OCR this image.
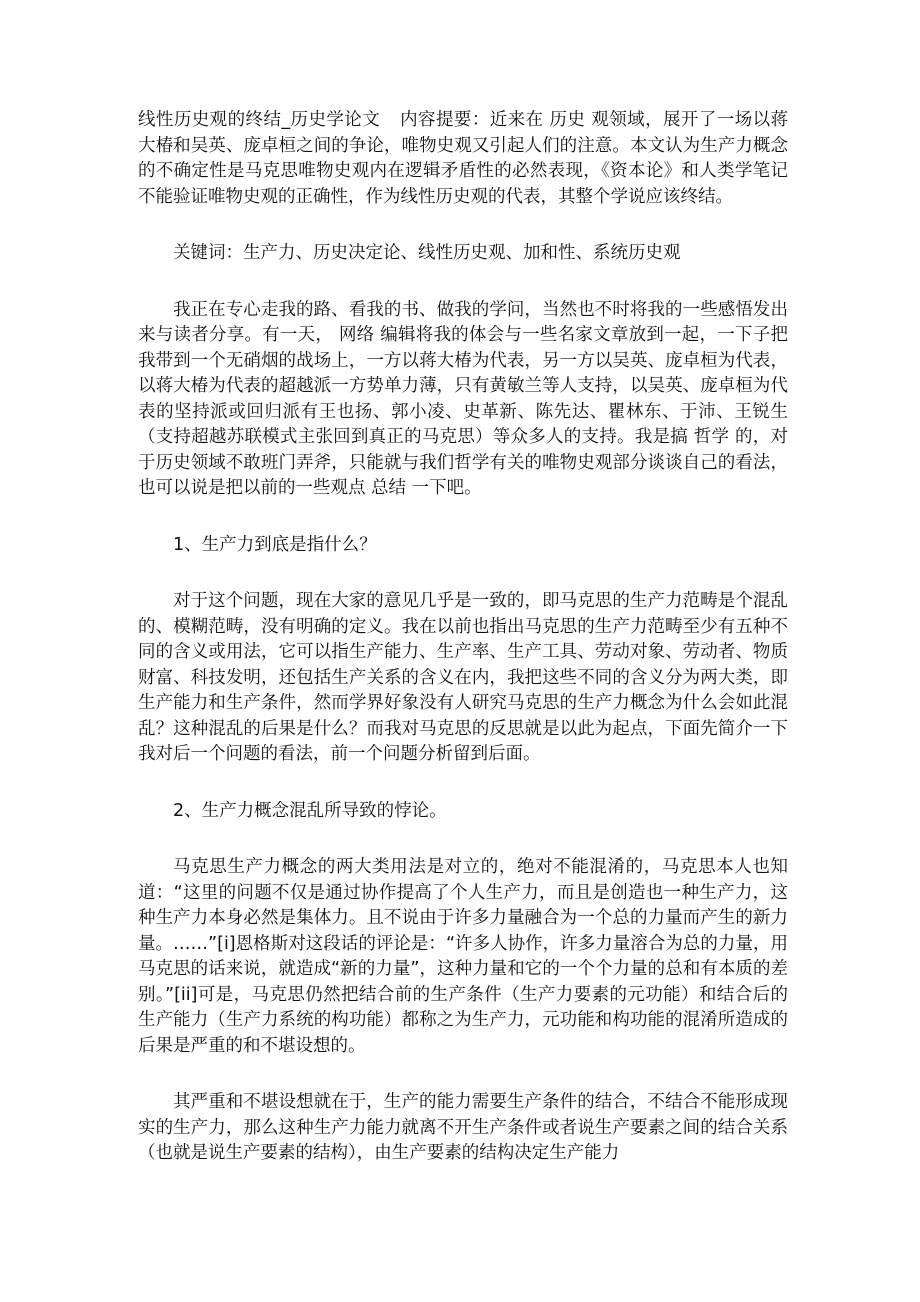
线性历史观的终结_历史学论文 内容提要：近来在 历史 观领域，展开了一场以蒋大椿和吴英、庞卓桓之间的争论，唯物史观又引起人们的注意。本文认为生产力概念的不确定性是马克思唯物史观内在逻辑矛盾性的必然表现，《资本论》和人类学笔记不能验证唯物史观的正确性，作为线性历史观的代表，其整个学说应该终结。

关键词：生产力、历史决定论、线性历史观、加和性、系统历史观

我正在专心走我的路、看我的书、做我的学问，当然也不时将我的一些感悟发出来与读者分享。有一天， 网络 编辑将我的体会与一些名家文章放到一起，一下子把我带到一个无硝烟的战场上，一方以蒋大椿为代表，另一方以吴英、庞卓桓为代表，以蒋大椿为代表的超越派一方势单力薄，只有黄敏兰等人支持，以吴英、庞卓桓为代表的坚持派或回归派有王也扬、郭小凌、史革新、陈先达、瞿林东、于沛、王锐生（支持超越苏联模式主张回到真正的马克思）等众多人的支持。我是搞 哲学 的，对于历史领域不敢班门弄斧，只能就与我们哲学有关的唯物史观部分谈谈自己的看法，也可以说是把以前的一些观点 总结 一下吧。

1、生产力到底是指什么？

对于这个问题，现在大家的意见几乎是一致的，即马克思的生产力范畴是个混乱的、模糊范畴，没有明确的定义。我在以前也指出马克思的生产力范畴至少有五种不同的含义或用法，它可以指生产能力、生产率、生产工具、劳动对象、劳动者、物质财富、科技发明，还包括生产关系的含义在内，我把这些不同的含义分为两大类，即生产能力和生产条件，然而学界好象没有人研究马克思的生产力概念为什么会如此混乱？这种混乱的后果是什么？而我对马克思的反思就是以此为起点，下面先简介一下我对后一个问题的看法，前一个问题分析留到后面。

2、生产力概念混乱所导致的悖论。

马克思生产力概念的两大类用法是对立的，绝对不能混淆的，马克思本人也知道：“这里的问题不仅是通过协作提高了个人生产力，而且是创造也一种生产力，这种生产力本身必然是集体力。且不说由于许多力量融合为一个总的力量而产生的新力量。……”[i]恩格斯对这段话的评论是：“许多人协作，许多力量溶合为总的力量，用马克思的话来说，就造成“新的力量”，这种力量和它的一个个力量的总和有本质的差别。”[ii]可是，马克思仍然把结合前的生产条件（生产力要素的元功能）和结合后的生产能力（生产力系统的构功能）都称之为生产力，元功能和构功能的混淆所造成的后果是严重的和不堪设想的。

其严重和不堪设想就在于，生产的能力需要生产条件的结合，不结合不能形成现实的生产力，那么这种生产力能力就离不开生产条件或者说生产要素之间的结合关系（也就是说生产要素的结构），由生产要素的结构决定生产能力
